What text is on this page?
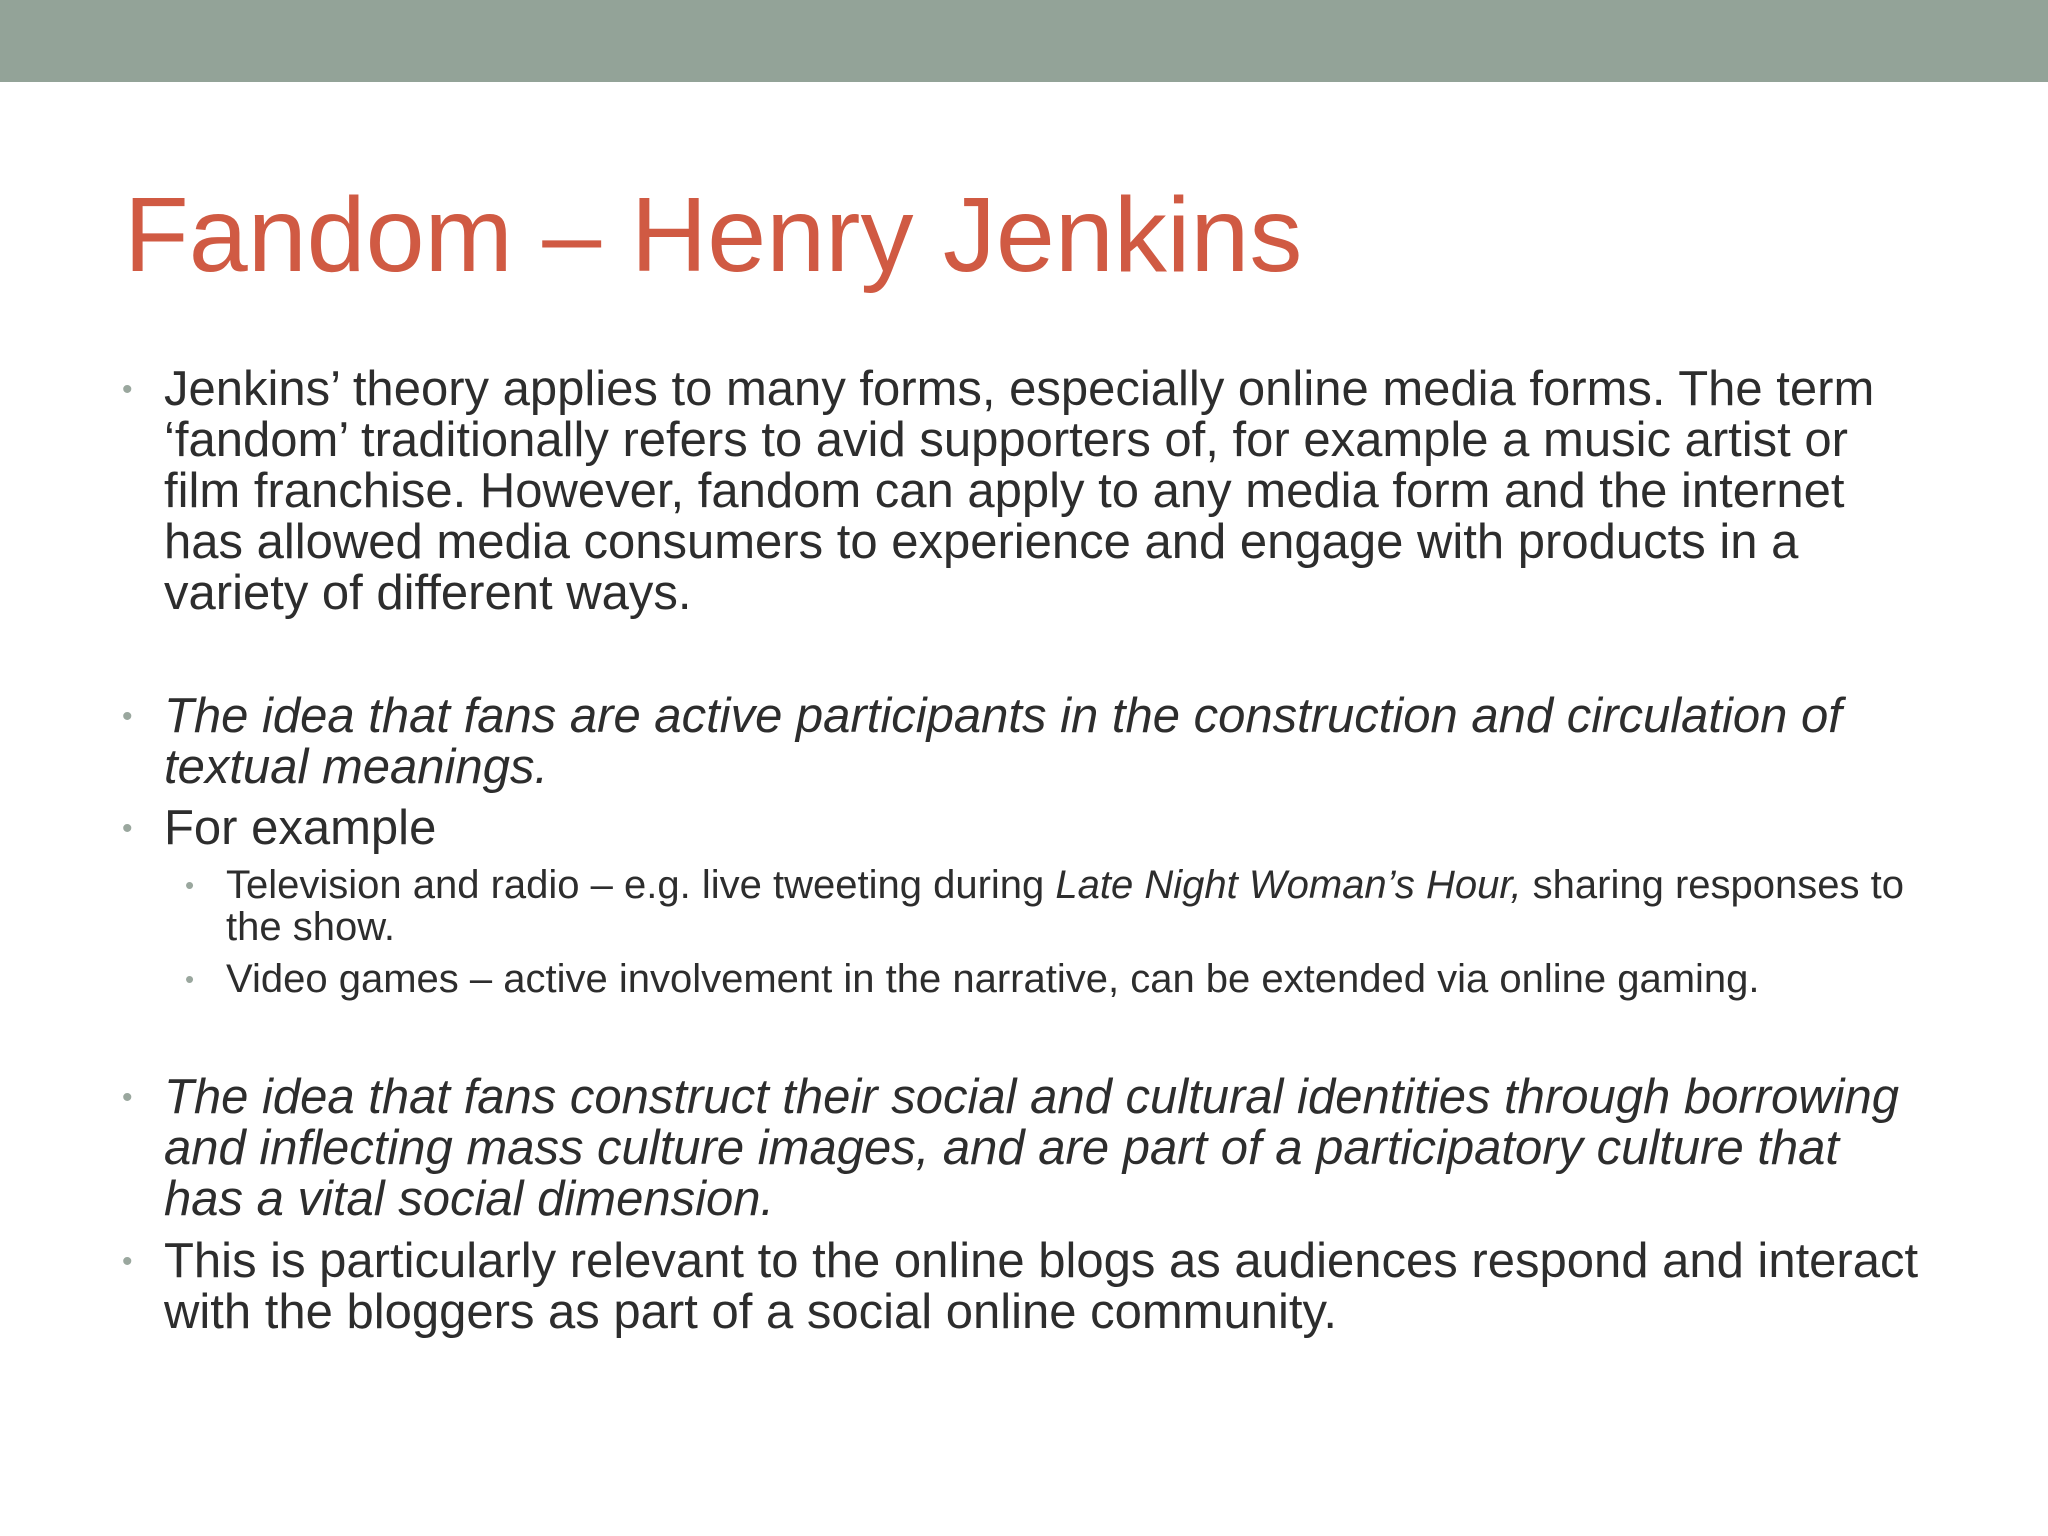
Fandom – Henry Jenkins
• Jenkins’ theory applies to many forms, especially online media forms. The term ‘fandom’ traditionally refers to avid supporters of, for example a music artist or film franchise. However, fandom can apply to any media form and the internet has allowed media consumers to experience and engage with products in a variety of different ways.
• The idea that fans are active participants in the construction and circulation of textual meanings.
• For example
• Television and radio – e.g. live tweeting during Late Night Woman’s Hour, sharing responses to the show.
• Video games – active involvement in the narrative, can be extended via online gaming.
• The idea that fans construct their social and cultural identities through borrowing and inflecting mass culture images, and are part of a participatory culture that has a vital social dimension.
• This is particularly relevant to the online blogs as audiences respond and interact with the bloggers as part of a social online community.
